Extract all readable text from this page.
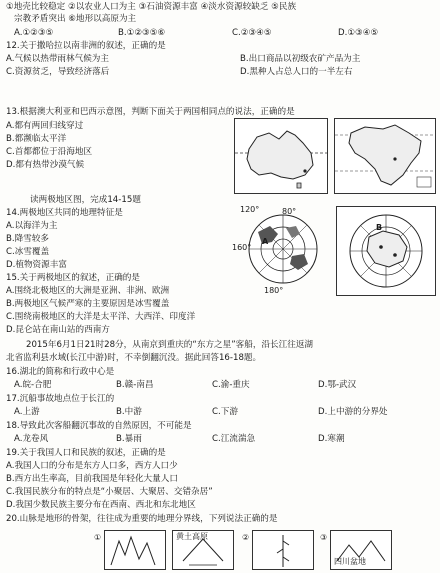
①地壳比较稳定 ②以农业人口为主 ③石油资源丰富 ④淡水资源较缺乏 ⑤民族
宗教矛盾突出 ⑥地形以高原为主
A.①②③⑤	B.①②③⑤⑥	C.②③④⑤	D.①③④⑤
12.关于撒哈拉以南非洲的叙述，正确的是
A.气候以热带雨林气候为主	B.出口商品以初级农矿产品为主
C.资源贫乏，导致经济落后	D.黑种人占总人口的一半左右
13.根据澳大利亚和巴西示意图，判断下面关于两国相同点的说法，正确的是
A.都有两回归线穿过
B.都濒临太平洋
C.首都都位于沿海地区
D.都有热带沙漠气候
读两极地区图，完成14-15题
14.两极地区共同的地理特征是
A.以海洋为主
B.降雪较多
C.冰雪覆盖
D.植物资源丰富
15.关于两极地区的叙述，正确的是
A.围绕北极地区的大洲是亚洲、非洲、欧洲
B.两极地区气候严寒的主要原因是冰雪覆盖
C.围绕南极地区的大洋是太平洋、大西洋、印度洋
D.昆仑站在南山站的西南方
120°	80°
160°
180°
A
B
2015年6月1日21时28分，从南京到重庆的“东方之星”客船，沿长江往返湖
北省监利县水域(长江中游)时，不幸倒翻沉没。据此回答16-18题。
16.湖北的简称和行政中心是
A.皖-合肥	B.赣-南昌	C.渝-重庆	D.鄂-武汉
17.沉船事故地点位于长江的
A.上游	B.中游	C.下游	D.上中游的分界处
18.导致此次客船翻沉事故的自然原因，不可能是
A.龙卷风	B.暴雨	C.江流湍急	D.寒潮
19.关于我国人口和民族的叙述，正确的是
A.我国人口的分布是东方人口多，西方人口少
B.西方出生率高，目前我国是年轻化大量人口
C.我国民族分布的特点是“小聚居、大聚居、交错杂居”
D.我国少数民族主要分布在西南、西北和东北地区
20.山脉是地形的骨架，往往成为重要的地理分界线，下列说法正确的是
①	黄土高原	②	③
四川盆地
